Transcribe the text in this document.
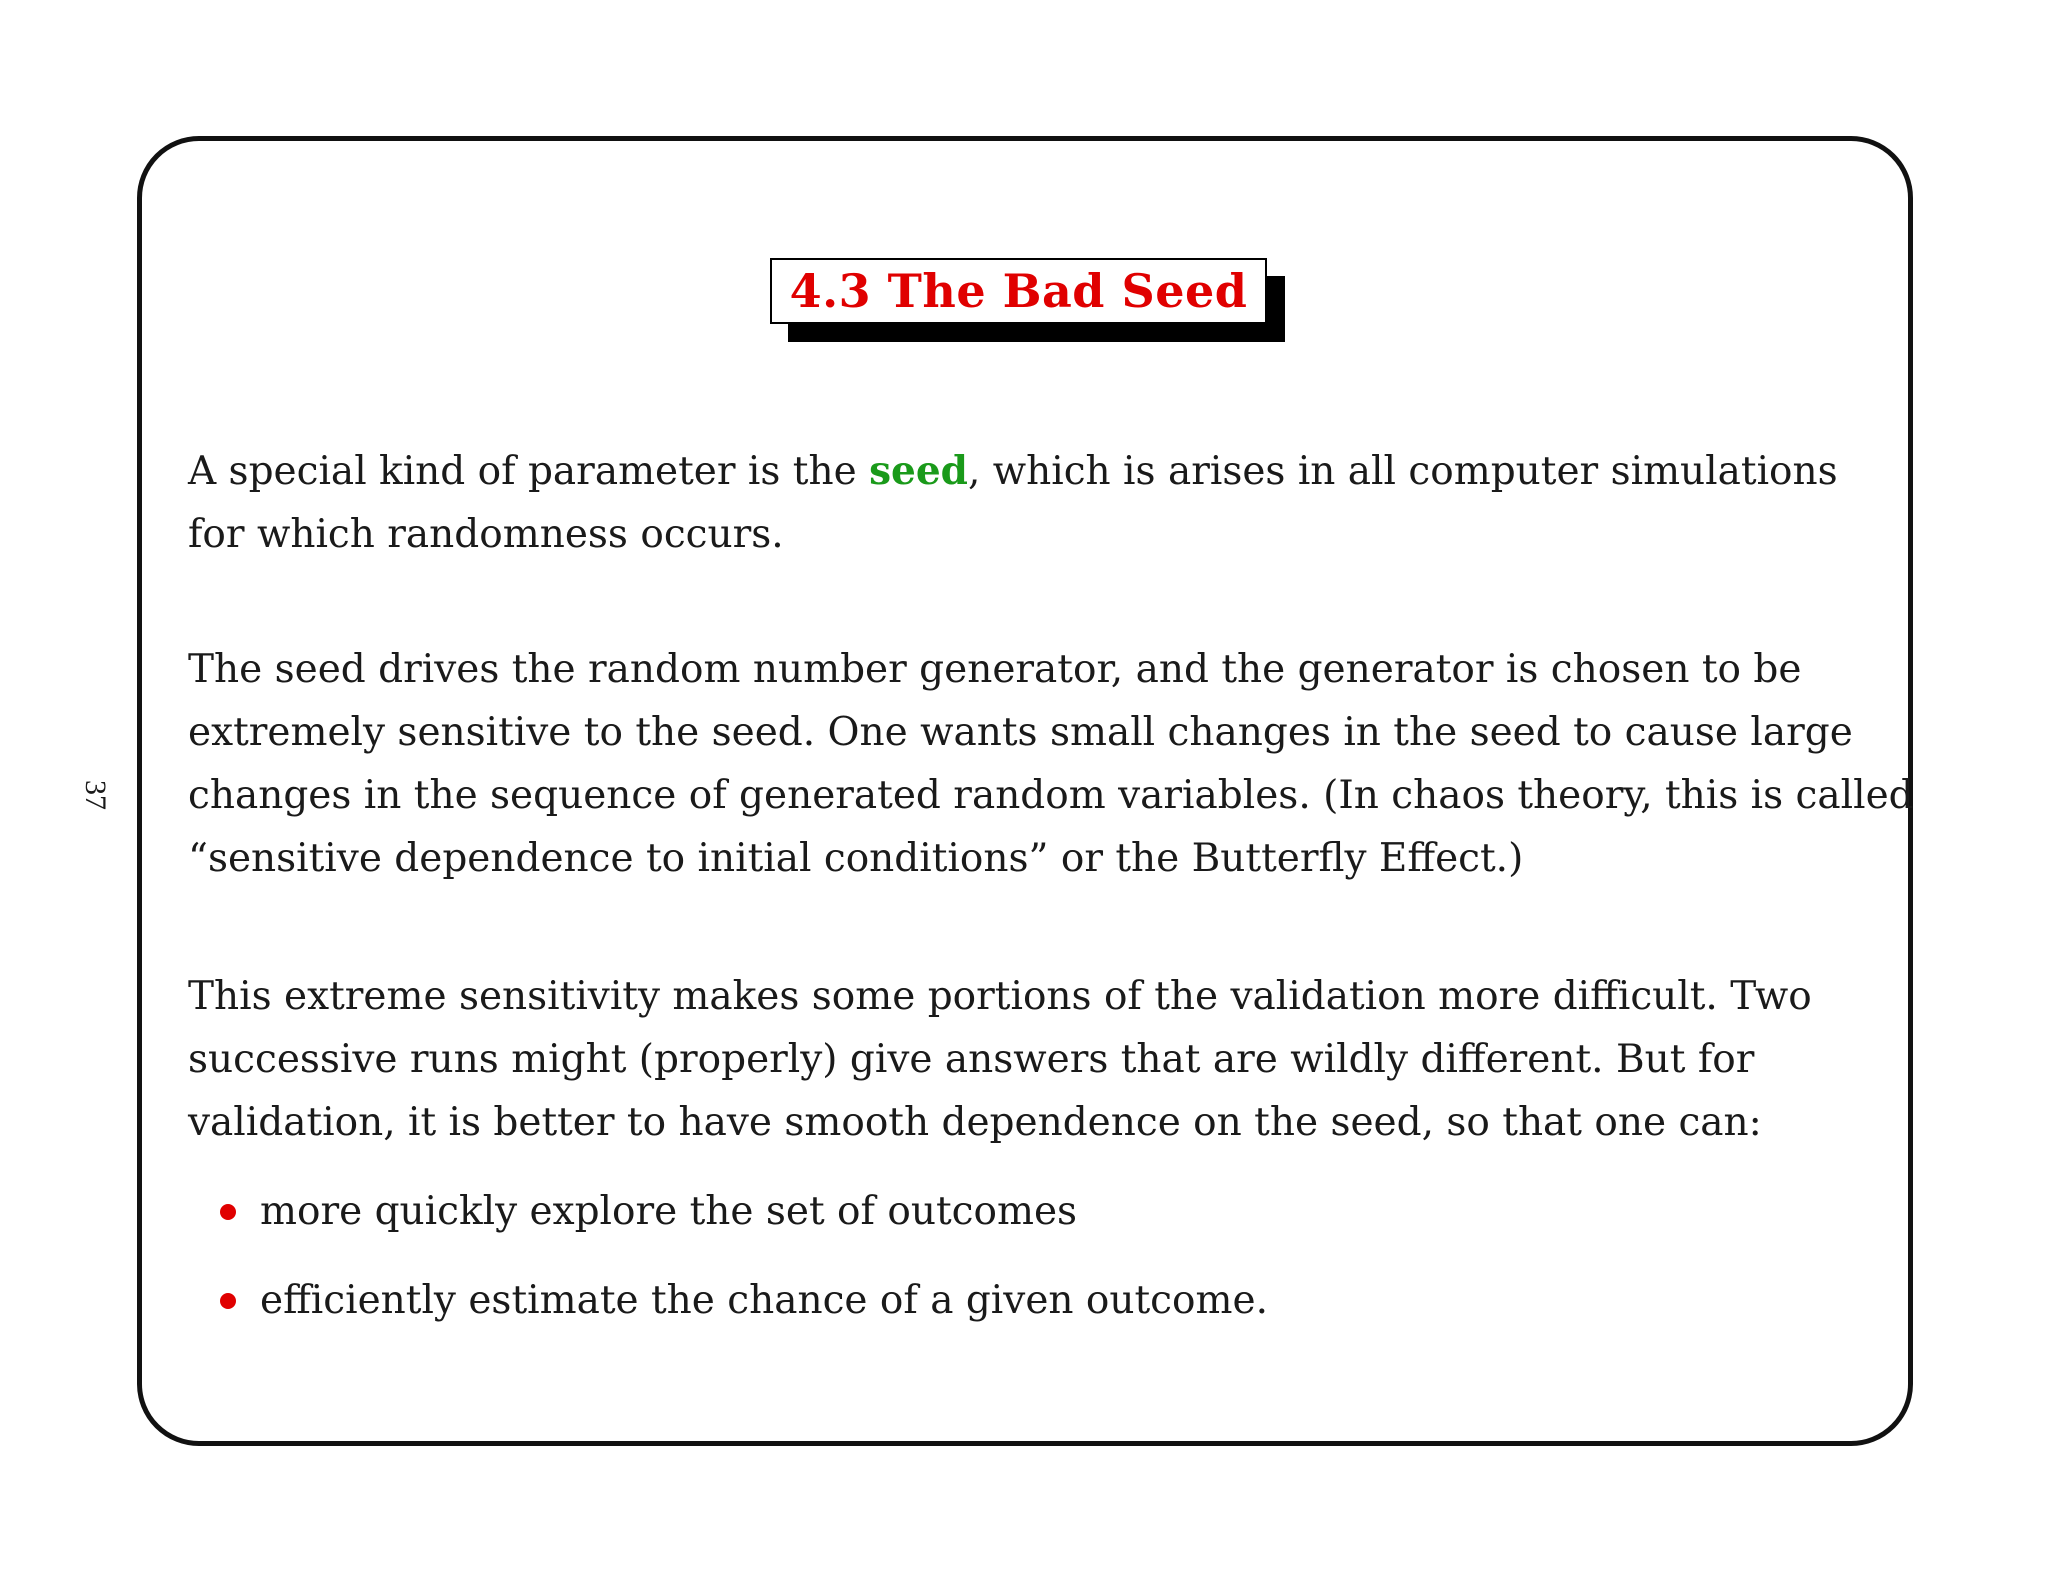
37
4.3 The Bad Seed

A special kind of parameter is the seed, which is arises in all computer simulations
for which randomness occurs.

The seed drives the random number generator, and the generator is chosen to be
extremely sensitive to the seed. One wants small changes in the seed to cause large
changes in the sequence of generated random variables. (In chaos theory, this is called
“sensitive dependence to initial conditions” or the Butterfly Effect.)

This extreme sensitivity makes some portions of the validation more difficult. Two
successive runs might (properly) give answers that are wildly different. But for
validation, it is better to have smooth dependence on the seed, so that one can:

more quickly explore the set of outcomes
efficiently estimate the chance of a given outcome.
